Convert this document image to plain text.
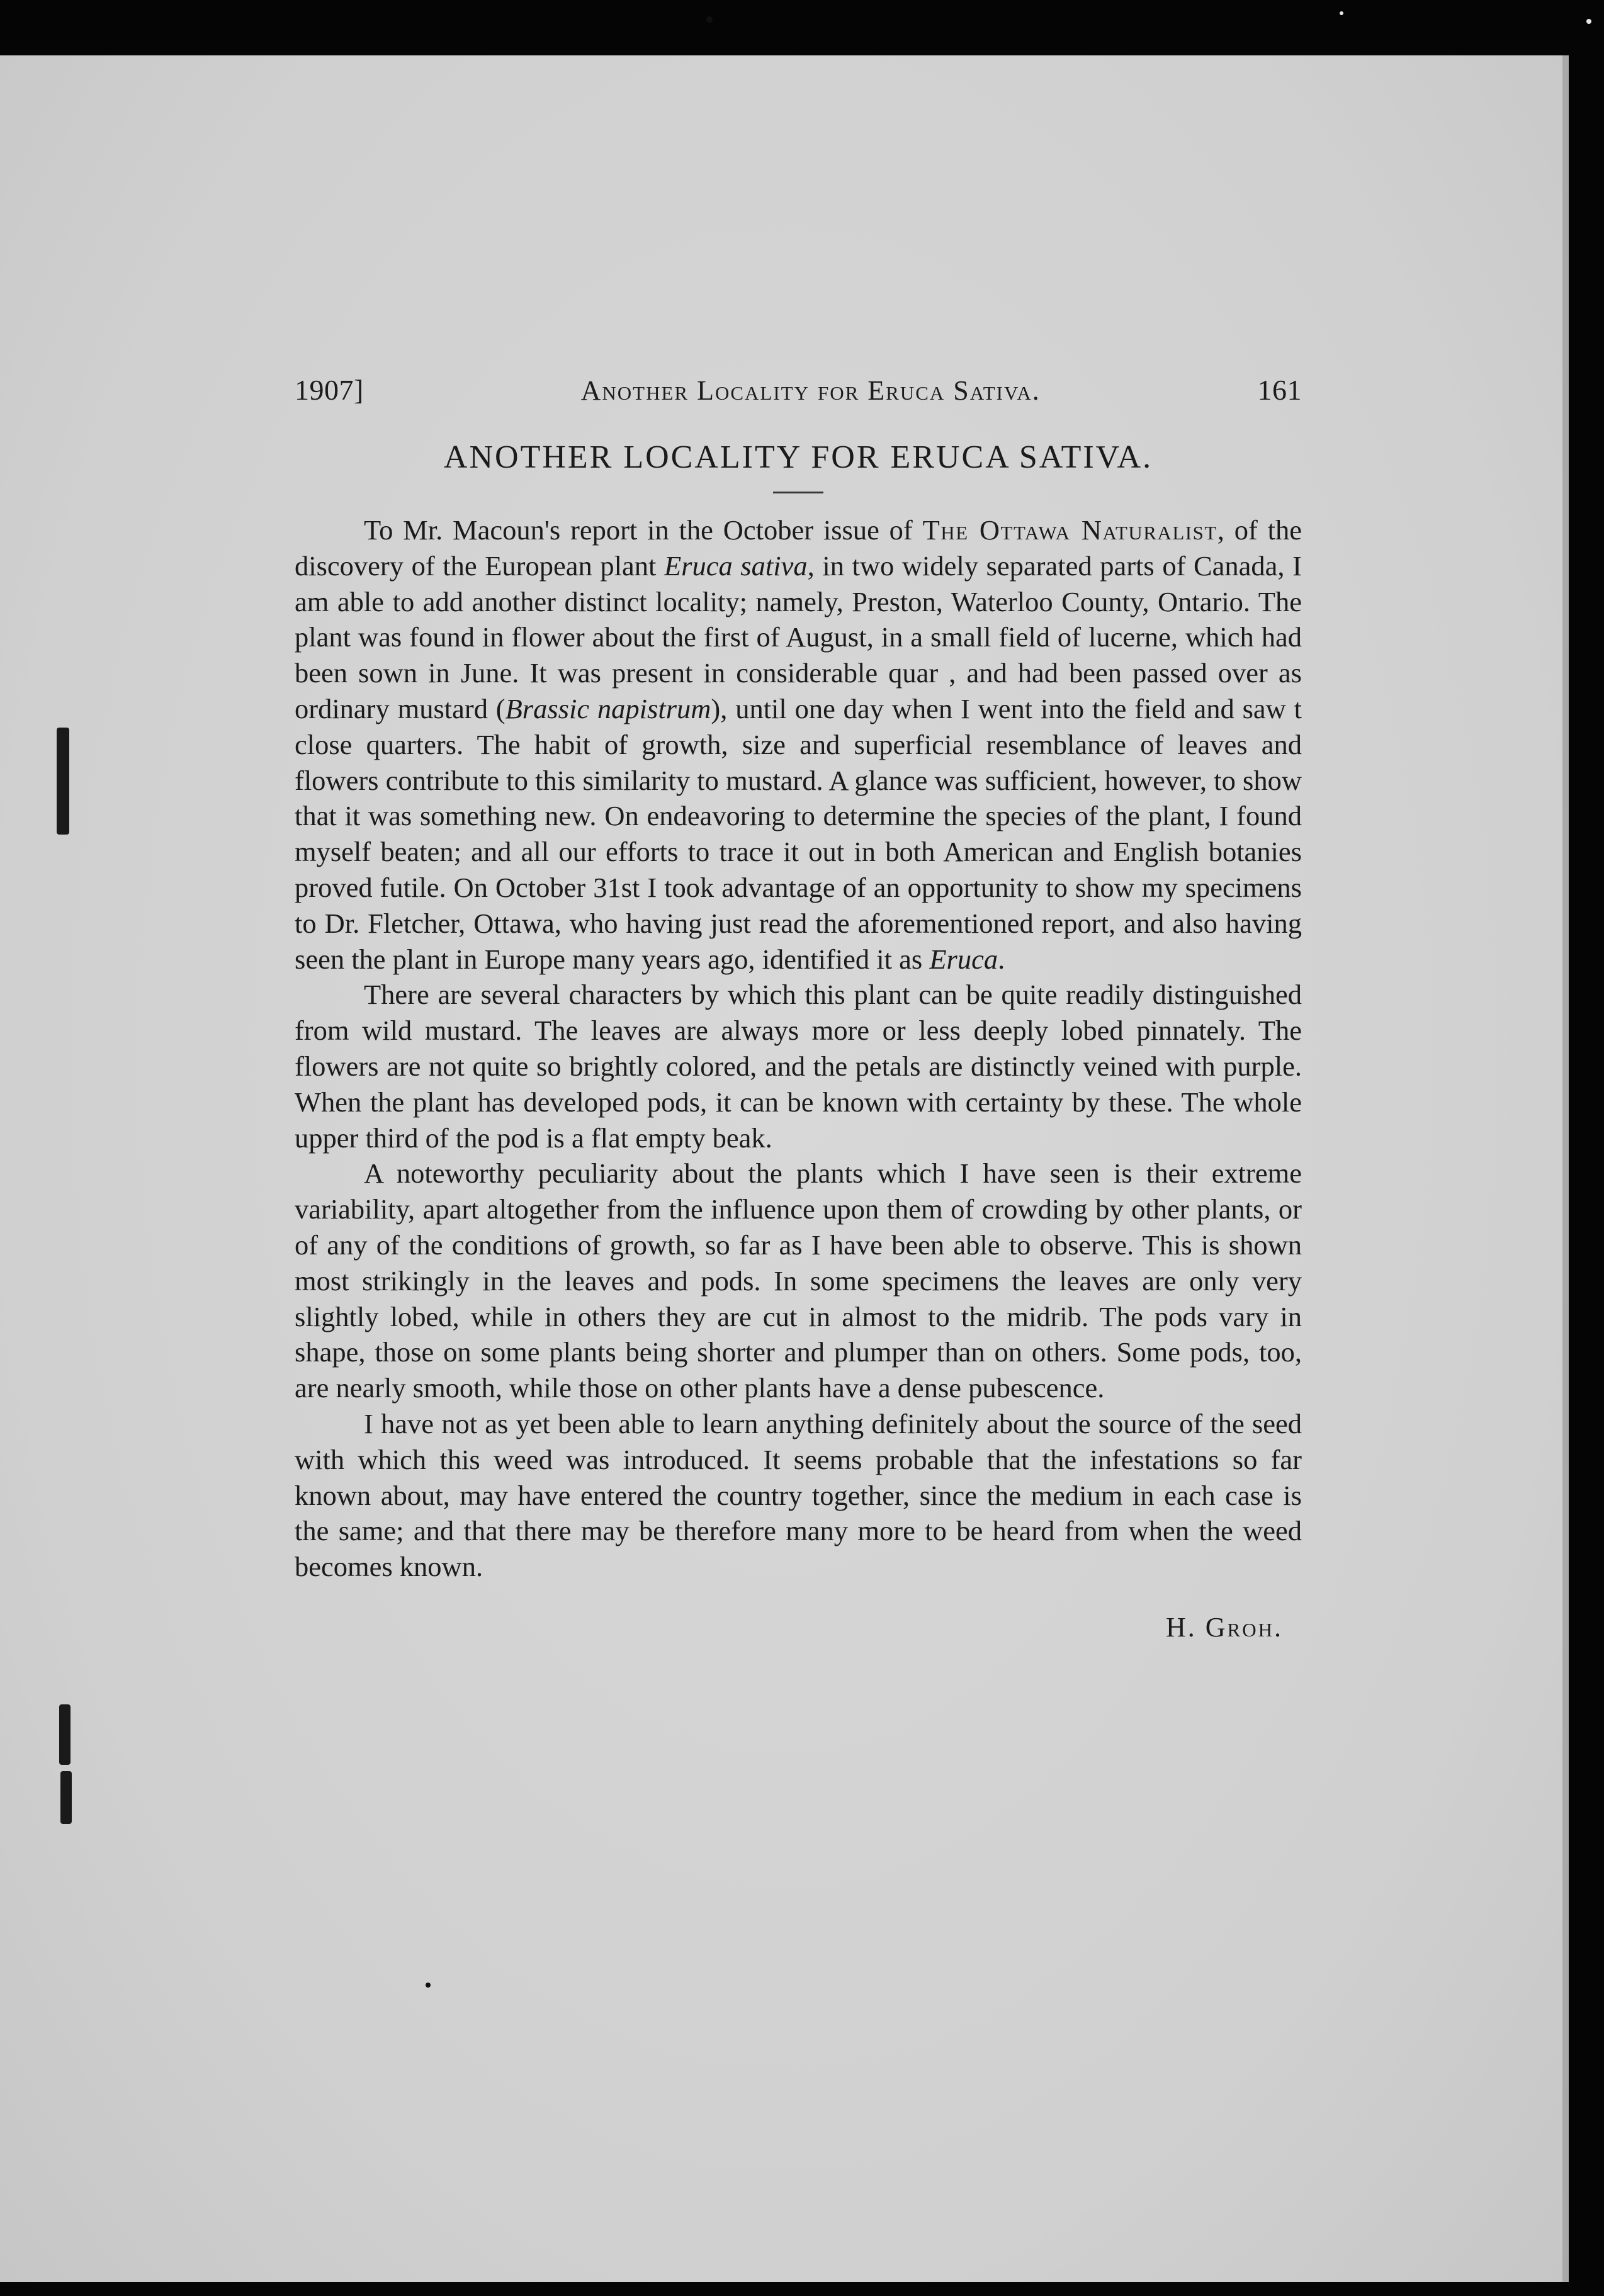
1907]	Another Locality for Eruca Sativa.	161
ANOTHER LOCALITY FOR ERUCA SATIVA.

To Mr. Macoun's report in the October issue of The Ottawa Naturalist, of the discovery of the European plant Eruca sativa, in two widely separated parts of Canada, I am able to add another distinct locality; namely, Preston, Waterloo County, Ontario. The plant was found in flower about the first of August, in a small field of lucerne, which had been sown in June. It was present in considerable quar , and had been passed over as ordinary mustard (Brassic napistrum), until one day when I went into the field and saw t close quarters. The habit of growth, size and superficial resemblance of leaves and flowers contribute to this similarity to mustard. A glance was sufficient, however, to show that it was something new. On endeavoring to determine the species of the plant, I found myself beaten; and all our efforts to trace it out in both American and English botanies proved futile. On October 31st I took advantage of an opportunity to show my specimens to Dr. Fletcher, Ottawa, who having just read the aforementioned report, and also having seen the plant in Europe many years ago, identified it as Eruca.

There are several characters by which this plant can be quite readily distinguished from wild mustard. The leaves are always more or less deeply lobed pinnately. The flowers are not quite so brightly colored, and the petals are distinctly veined with purple. When the plant has developed pods, it can be known with certainty by these. The whole upper third of the pod is a flat empty beak.

A noteworthy peculiarity about the plants which I have seen is their extreme variability, apart altogether from the influence upon them of crowding by other plants, or of any of the conditions of growth, so far as I have been able to observe. This is shown most strikingly in the leaves and pods. In some specimens the leaves are only very slightly lobed, while in others they are cut in almost to the midrib. The pods vary in shape, those on some plants being shorter and plumper than on others. Some pods, too, are nearly smooth, while those on other plants have a dense pubescence.

I have not as yet been able to learn anything definitely about the source of the seed with which this weed was introduced. It seems probable that the infestations so far known about, may have entered the country together, since the medium in each case is the same; and that there may be therefore many more to be heard from when the weed becomes known.

H. Groh.
